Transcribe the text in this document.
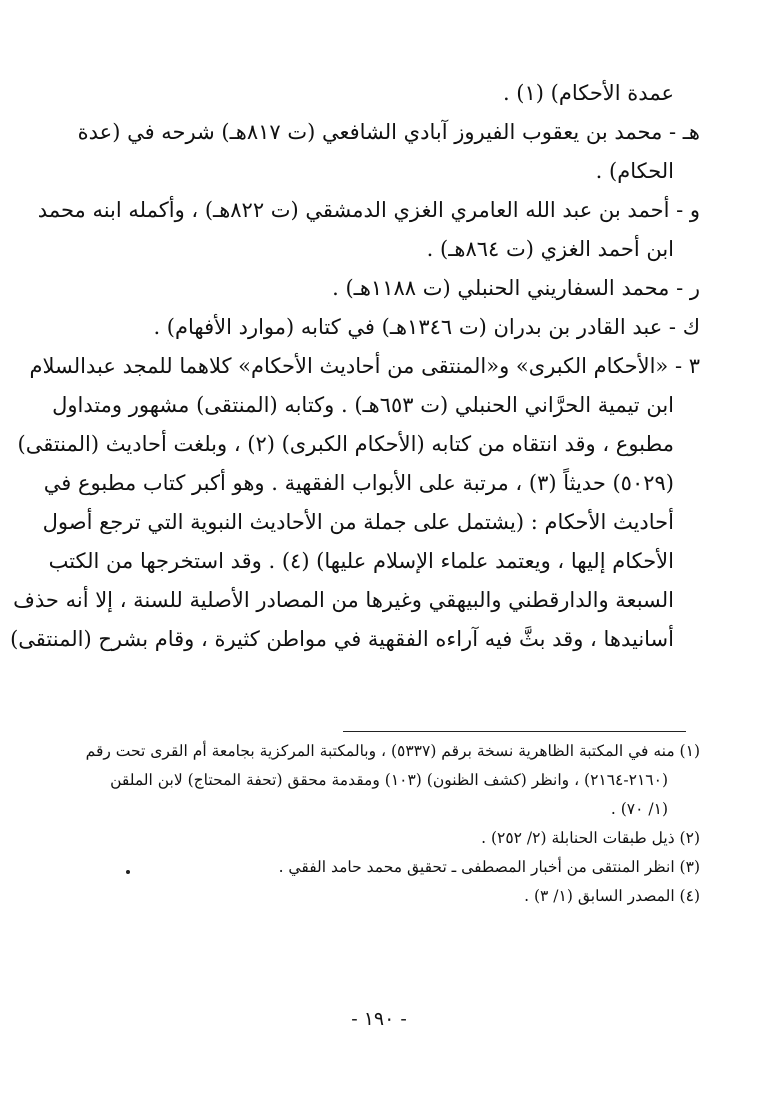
عمدة الأحكام) (١) .
هـ - محمد بن يعقوب الفيروز آبادي الشافعي (ت ٨١٧هـ) شرحه في (عدة
الحكام) .
و - أحمد بن عبد الله العامري الغزي الدمشقي (ت ٨٢٢هـ) ، وأكمله ابنه محمد
ابن أحمد الغزي (ت ٨٦٤هـ) .
ر - محمد السفاريني الحنبلي (ت ١١٨٨هـ) .
ك - عبد القادر بن بدران (ت ١٣٤٦هـ) في كتابه (موارد الأفهام) .
٣ - «الأحكام الكبرى» و«المنتقى من أحاديث الأحكام» كلاهما للمجد عبدالسلام
ابن تيمية الحرَّاني الحنبلي (ت ٦٥٣هـ) . وكتابه (المنتقى) مشهور ومتداول
مطبوع ، وقد انتقاه من كتابه (الأحكام الكبرى) (٢) ، وبلغت أحاديث (المنتقى)
(٥٠٢٩) حديثاً (٣) ، مرتبة على الأبواب الفقهية . وهو أكبر كتاب مطبوع في
أحاديث الأحكام : (يشتمل على جملة من الأحاديث النبوية التي ترجع أصول
الأحكام إليها ، ويعتمد علماء الإسلام عليها) (٤) . وقد استخرجها من الكتب
السبعة والدارقطني والبيهقي وغيرها من المصادر الأصلية للسنة ، إلا أنه حذف
أسانيدها ، وقد بثَّ فيه آراءه الفقهية في مواطن كثيرة ، وقام بشرح (المنتقى)
(١) منه في المكتبة الظاهرية نسخة برقم (٥٣٣٧) ، وبالمكتبة المركزية بجامعة أم القرى تحت رقم
(٢١٦٠-٢١٦٤) ، وانظر (كشف الظنون) (١٠٣) ومقدمة محقق (تحفة المحتاج) لابن الملقن
(١/ ٧٠) .
(٢) ذيل طبقات الحنابلة (٢/ ٢٥٢) .
(٣) انظر المنتقى من أخبار المصطفى ـ تحقيق محمد حامد الفقي .
(٤) المصدر السابق (١/ ٣) .
- ١٩٠ -
